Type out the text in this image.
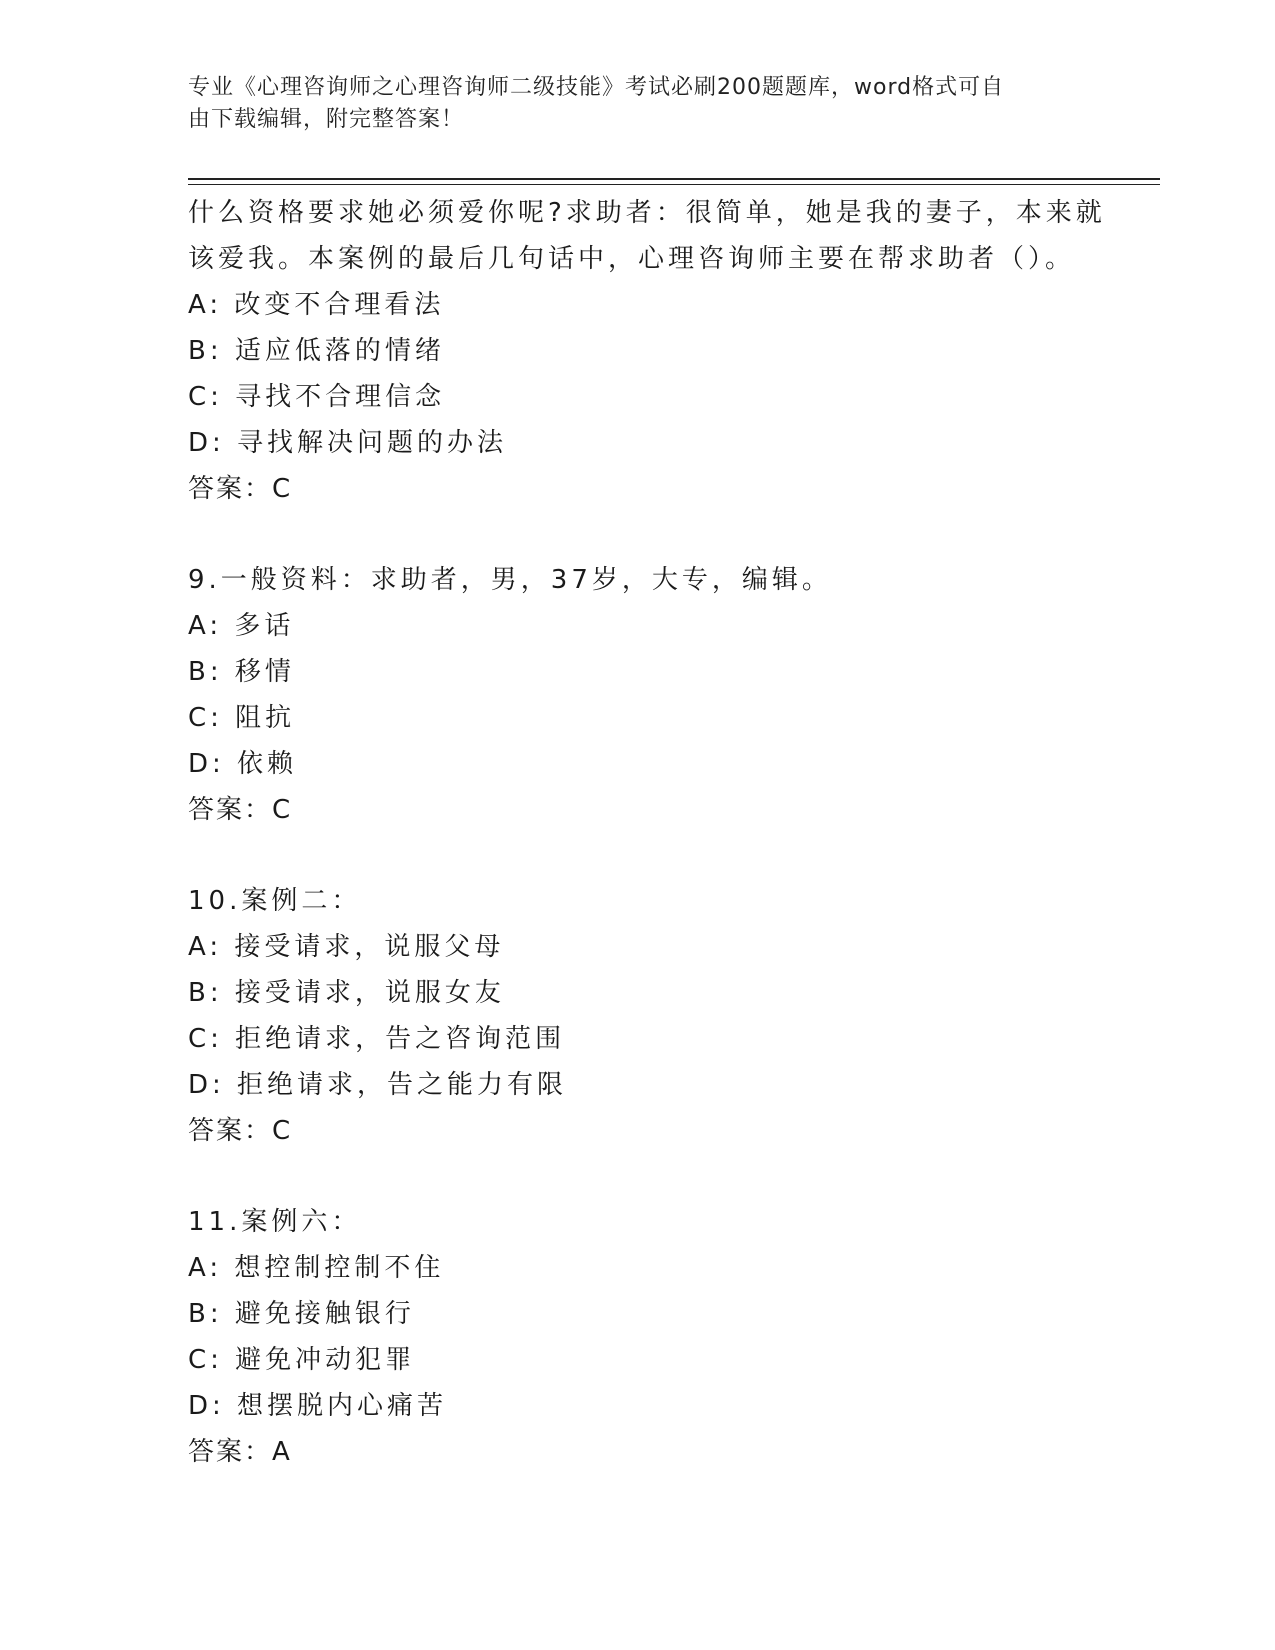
专业《心理咨询师之心理咨询师二级技能》考试必刷200题题库，word格式可自
由下载编辑，附完整答案！
什么资格要求她必须爱你呢?求助者：很简单，她是我的妻子，本来就
该爱我。本案例的最后几句话中，心理咨询师主要在帮求助者（）。
A: 改变不合理看法
B: 适应低落的情绪
C: 寻找不合理信念
D: 寻找解决问题的办法
答案：C
9.一般资料：求助者，男，37岁，大专，编辑。
A: 多话
B: 移情
C: 阻抗
D: 依赖
答案：C
10.案例二：
A: 接受请求，说服父母
B: 接受请求，说服女友
C: 拒绝请求，告之咨询范围
D: 拒绝请求，告之能力有限
答案：C
11.案例六：
A: 想控制控制不住
B: 避免接触银行
C: 避免冲动犯罪
D: 想摆脱内心痛苦
答案：A
